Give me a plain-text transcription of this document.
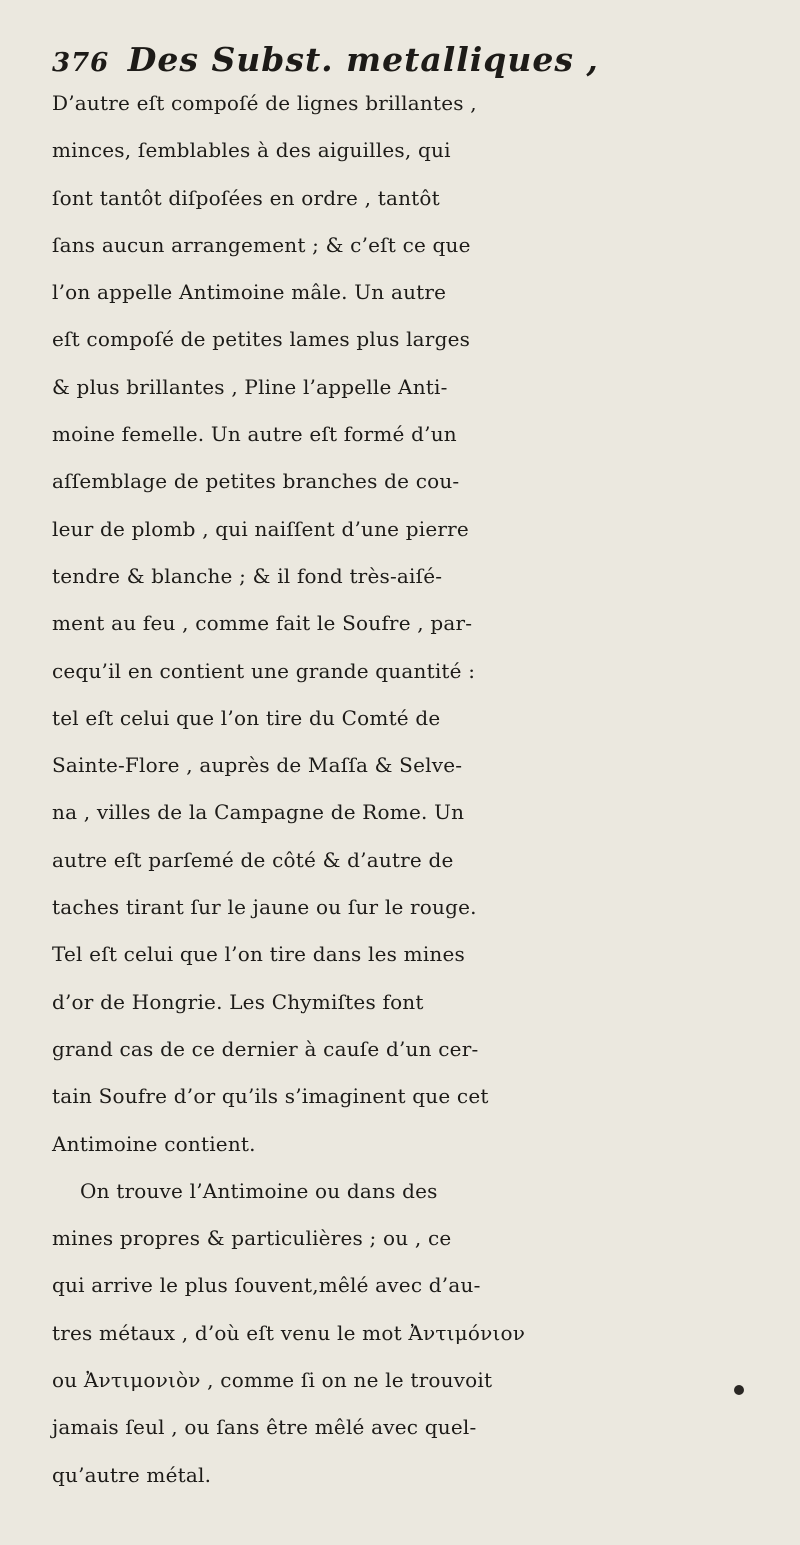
376 Des Subst. metalliques ,
D’autre eſt compoſé de lignes brillantes ,
minces, ſemblables à des aiguilles, qui
ſont tantôt diſpoſées en ordre , tantôt
ſans aucun arrangement ; & c’eſt ce que
l’on appelle Antimoine mâle. Un autre
eſt compoſé de petites lames plus larges
& plus brillantes , Pline l’appelle Anti-
moine femelle. Un autre eſt formé d’un
aſſemblage de petites branches de cou-
leur de plomb , qui naiſſent d’une pierre
tendre & blanche ; & il fond très-aiſé-
ment au feu , comme fait le Soufre , par-
cequ’il en contient une grande quantité :
tel eſt celui que l’on tire du Comté de
Sainte-Flore , auprès de Maſſa & Selve-
na , villes de la Campagne de Rome. Un
autre eſt parſemé de côté & d’autre de
taches tirant ſur le jaune ou ſur le rouge.
Tel eſt celui que l’on tire dans les mines
d’or de Hongrie. Les Chymiſtes font
grand cas de ce dernier à cauſe d’un cer-
tain Soufre d’or qu’ils s’imaginent que cet
Antimoine contient.
On trouve l’Antimoine ou dans des
mines propres & particulières ; ou , ce
qui arrive le plus ſouvent,mêlé avec d’au-
tres métaux , d’où eſt venu le mot Ἀντιμόνιον
ou Ἀντιμονιὸν , comme ſi on ne le trouvoit
jamais ſeul , ou ſans être mêlé avec quel-
qu’autre métal.
